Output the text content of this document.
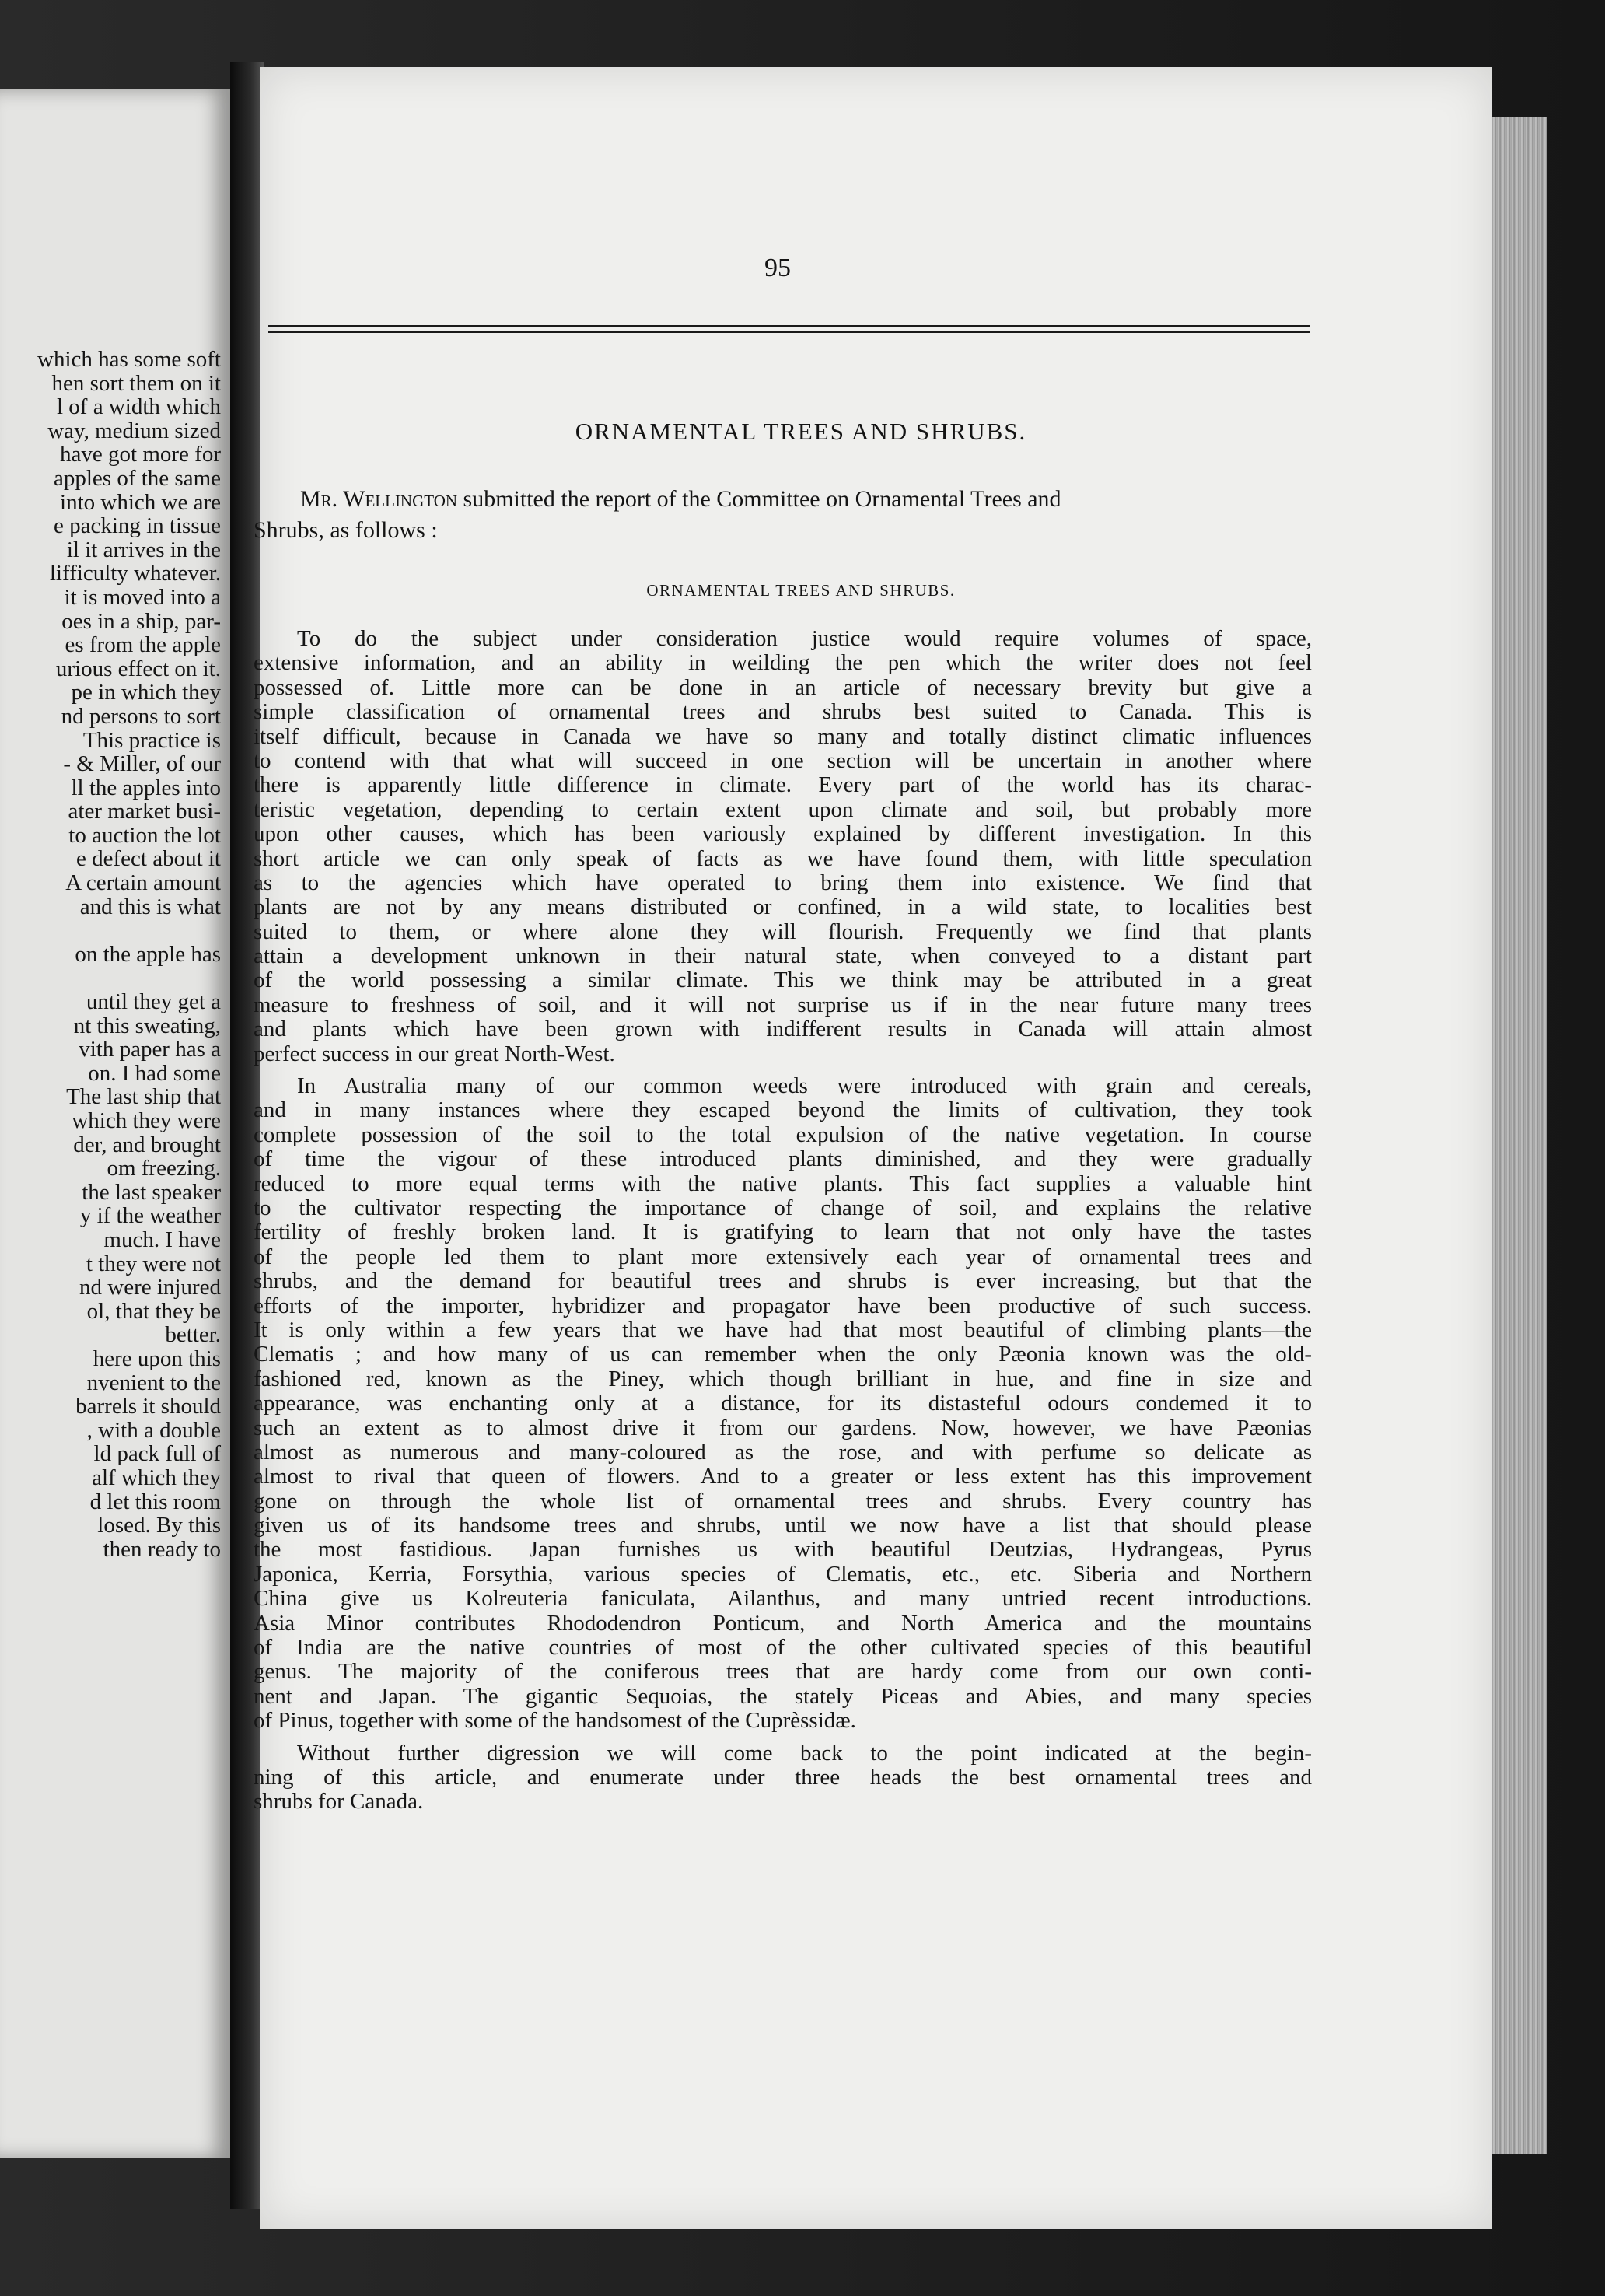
which has some soft
hen sort them on it
l of a width which
way, medium sized
have got more for
apples of the same
into which we are
e packing in tissue
il it arrives in the
lifficulty whatever.
it is moved into a
oes in a ship, par-
es from the apple
urious effect on it.
pe in which they
nd persons to sort
This practice is
- & Miller, of our
ll the apples into
ater market busi-
to auction the lot
e defect about it
A certain amount
and this is what
on the apple has
until they get a
nt this sweating,
vith paper has a
on. I had some
The last ship that
which they were
der, and brought
om freezing.
the last speaker
y if the weather
much. I have
t they were not
nd were injured
ol, that they be
better.
here upon this
nvenient to the
barrels it should
, with a double
ld pack full of
alf which they
d let this room
losed. By this
then ready to
95
ORNAMENTAL TREES AND SHRUBS.
Mr. Wellington submitted the report of the Committee on Ornamental Trees and
Shrubs, as follows :
ORNAMENTAL TREES AND SHRUBS.
To do the subject under consideration justice would require volumes of space,
extensive information, and an ability in weilding the pen which the writer does not feel
possessed of. Little more can be done in an article of necessary brevity but give a
simple classification of ornamental trees and shrubs best suited to Canada. This is
itself difficult, because in Canada we have so many and totally distinct climatic influences
to contend with that what will succeed in one section will be uncertain in another where
there is apparently little difference in climate. Every part of the world has its charac-
teristic vegetation, depending to certain extent upon climate and soil, but probably more
upon other causes, which has been variously explained by different investigation. In this
short article we can only speak of facts as we have found them, with little speculation
as to the agencies which have operated to bring them into existence. We find that
plants are not by any means distributed or confined, in a wild state, to localities best
suited to them, or where alone they will flourish. Frequently we find that plants
attain a development unknown in their natural state, when conveyed to a distant part
of the world possessing a similar climate. This we think may be attributed in a great
measure to freshness of soil, and it will not surprise us if in the near future many trees
and plants which have been grown with indifferent results in Canada will attain almost
perfect success in our great North-West.
In Australia many of our common weeds were introduced with grain and cereals,
and in many instances where they escaped beyond the limits of cultivation, they took
complete possession of the soil to the total expulsion of the native vegetation. In course
of time the vigour of these introduced plants diminished, and they were gradually
reduced to more equal terms with the native plants. This fact supplies a valuable hint
to the cultivator respecting the importance of change of soil, and explains the relative
fertility of freshly broken land. It is gratifying to learn that not only have the tastes
of the people led them to plant more extensively each year of ornamental trees and
shrubs, and the demand for beautiful trees and shrubs is ever increasing, but that the
efforts of the importer, hybridizer and propagator have been productive of such success.
It is only within a few years that we have had that most beautiful of climbing plants—the
Clematis ; and how many of us can remember when the only Pæonia known was the old-
fashioned red, known as the Piney, which though brilliant in hue, and fine in size and
appearance, was enchanting only at a distance, for its distasteful odours condemed it to
such an extent as to almost drive it from our gardens. Now, however, we have Pæonias
almost as numerous and many-coloured as the rose, and with perfume so delicate as
almost to rival that queen of flowers. And to a greater or less extent has this improvement
gone on through the whole list of ornamental trees and shrubs. Every country has
given us of its handsome trees and shrubs, until we now have a list that should please
the most fastidious. Japan furnishes us with beautiful Deutzias, Hydrangeas, Pyrus
Japonica, Kerria, Forsythia, various species of Clematis, etc., etc. Siberia and Northern
China give us Kolreuteria faniculata, Ailanthus, and many untried recent introductions.
Asia Minor contributes Rhododendron Ponticum, and North America and the mountains
of India are the native countries of most of the other cultivated species of this beautiful
genus. The majority of the coniferous trees that are hardy come from our own conti-
nent and Japan. The gigantic Sequoias, the stately Piceas and Abies, and many species
of Pinus, together with some of the handsomest of the Cuprèssidæ.
Without further digression we will come back to the point indicated at the begin-
ning of this article, and enumerate under three heads the best ornamental trees and
shrubs for Canada.
